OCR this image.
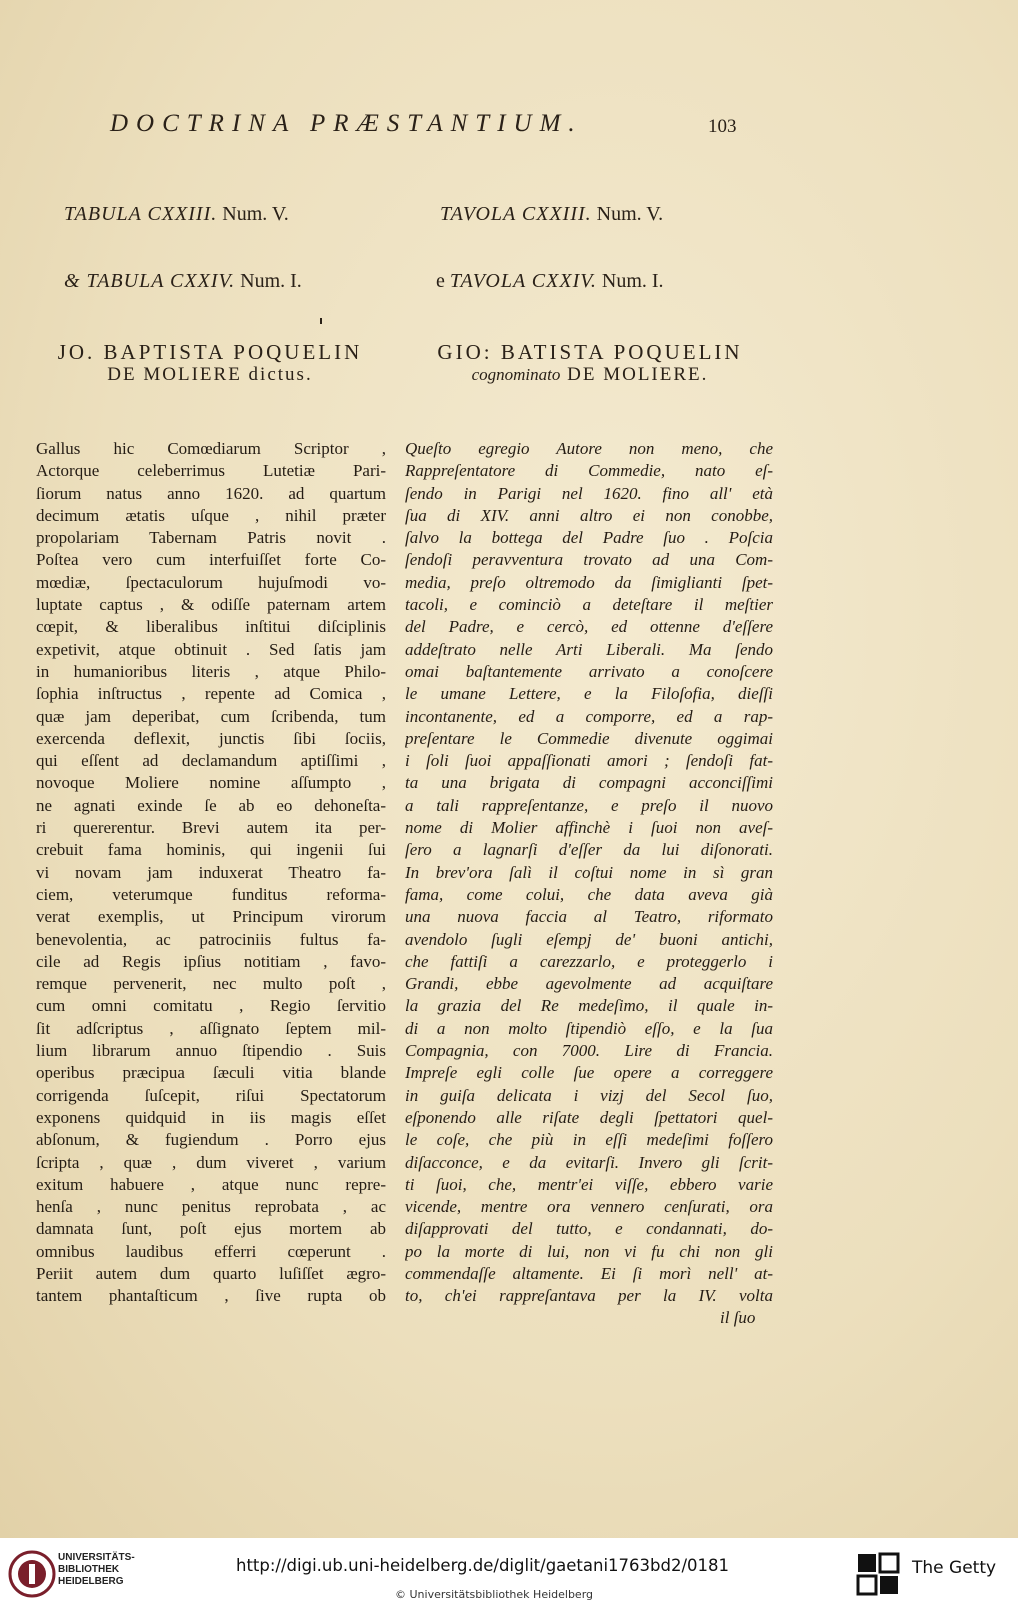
DOCTRINA PRÆSTANTIUM.	103
TABULA CXXIII. Num. V.
& TABULA CXXIV. Num. I.
JO. BAPTISTA POQUELIN
DE MOLIERE dictus.
TAVOLA CXXIII. Num. V.
e TAVOLA CXXIV. Num. I.
GIO: BATISTA POQUELIN
cognominato DE MOLIERE.
Gallus hic Comœdiarum Scriptor ,
Actorque celeberrimus Lutetiæ Pari-
ſiorum natus anno 1620. ad quartum
decimum ætatis uſque , nihil præter
propolariam Tabernam Patris novit .
Poſtea vero cum interfuiſſet forte Co-
mœdiæ, ſpectaculorum hujuſmodi vo-
luptate captus , & odiſſe paternam artem
cœpit, & liberalibus inſtitui diſciplinis
expetivit, atque obtinuit . Sed ſatis jam
in humanioribus literis , atque Philo-
ſophia inſtructus , repente ad Comica ,
quæ jam deperibat, cum ſcribenda, tum
exercenda deflexit, junctis ſibi ſociis,
qui eſſent ad declamandum aptiſſimi ,
novoque Moliere nomine aſſumpto ,
ne agnati exinde ſe ab eo dehoneſta-
ri quererentur. Brevi autem ita per-
crebuit fama hominis, qui ingenii ſui
vi novam jam induxerat Theatro fa-
ciem, veterumque funditus reforma-
verat exemplis, ut Principum virorum
benevolentia, ac patrociniis fultus fa-
cile ad Regis ipſius notitiam , favo-
remque pervenerit, nec multo poſt ,
cum omni comitatu , Regio ſervitio
ſit adſcriptus , aſſignato ſeptem mil-
lium librarum annuo ſtipendio . Suis
operibus præcipua ſæculi vitia blande
corrigenda ſuſcepit, riſui Spectatorum
exponens quidquid in iis magis eſſet
abſonum, & fugiendum . Porro ejus
ſcripta , quæ , dum viveret , varium
exitum habuere , atque nunc repre-
henſa , nunc penitus reprobata , ac
damnata ſunt, poſt ejus mortem ab
omnibus laudibus efferri cœperunt .
Periit autem dum quarto luſiſſet ægro-
tantem phantaſticum , ſive rupta ob
Queſto egregio Autore non meno, che
Rappreſentatore di Commedie, nato eſ-
ſendo in Parigi nel 1620. fino all' età
ſua di XIV. anni altro ei non conobbe,
ſalvo la bottega del Padre ſuo . Poſcia
ſendoſi peravventura trovato ad una Com-
media, preſo oltremodo da ſimiglianti ſpet-
tacoli, e cominciò a deteſtare il meſtier
del Padre, e cercò, ed ottenne d'eſſere
addeſtrato nelle Arti Liberali. Ma ſendo
omai baſtantemente arrivato a conoſcere
le umane Lettere, e la Filoſofia, dieſſi
incontanente, ed a comporre, ed a rap-
preſentare le Commedie divenute oggimai
i ſoli ſuoi appaſſionati amori ; ſendoſi fat-
ta una brigata di compagni acconciſſimi
a tali rappreſentanze, e preſo il nuovo
nome di Molier affinchè i ſuoi non aveſ-
ſero a lagnarſi d'eſſer da lui diſonorati.
In brev'ora ſalì il coſtui nome in sì gran
fama, come colui, che data aveva già
una nuova faccia al Teatro, riformato
avendolo ſugli eſempj de' buoni antichi,
che fattiſi a carezzarlo, e proteggerlo i
Grandi, ebbe agevolmente ad acquiſtare
la grazia del Re medeſimo, il quale in-
di a non molto ſtipendiò eſſo, e la ſua
Compagnia, con 7000. Lire di Francia.
Impreſe egli colle ſue opere a correggere
in guiſa delicata i vizj del Secol ſuo,
eſponendo alle riſate degli ſpettatori quel-
le coſe, che più in eſſi medeſimi foſſero
diſacconce, e da evitarſi. Invero gli ſcrit-
ti ſuoi, che, mentr'ei viſſe, ebbero varie
vicende, mentre ora vennero cenſurati, ora
diſapprovati del tutto, e condannati, do-
po la morte di lui, non vi fu chi non gli
commendaſſe altamente. Ei ſi morì nell' at-
to, ch'ei rappreſantava per la IV. volta
il ſuo
UNIVERSITÄTS-
BIBLIOTHEK
HEIDELBERG
http://digi.ub.uni-heidelberg.de/diglit/gaetani1763bd2/0181
© Universitätsbibliothek Heidelberg
The Getty
